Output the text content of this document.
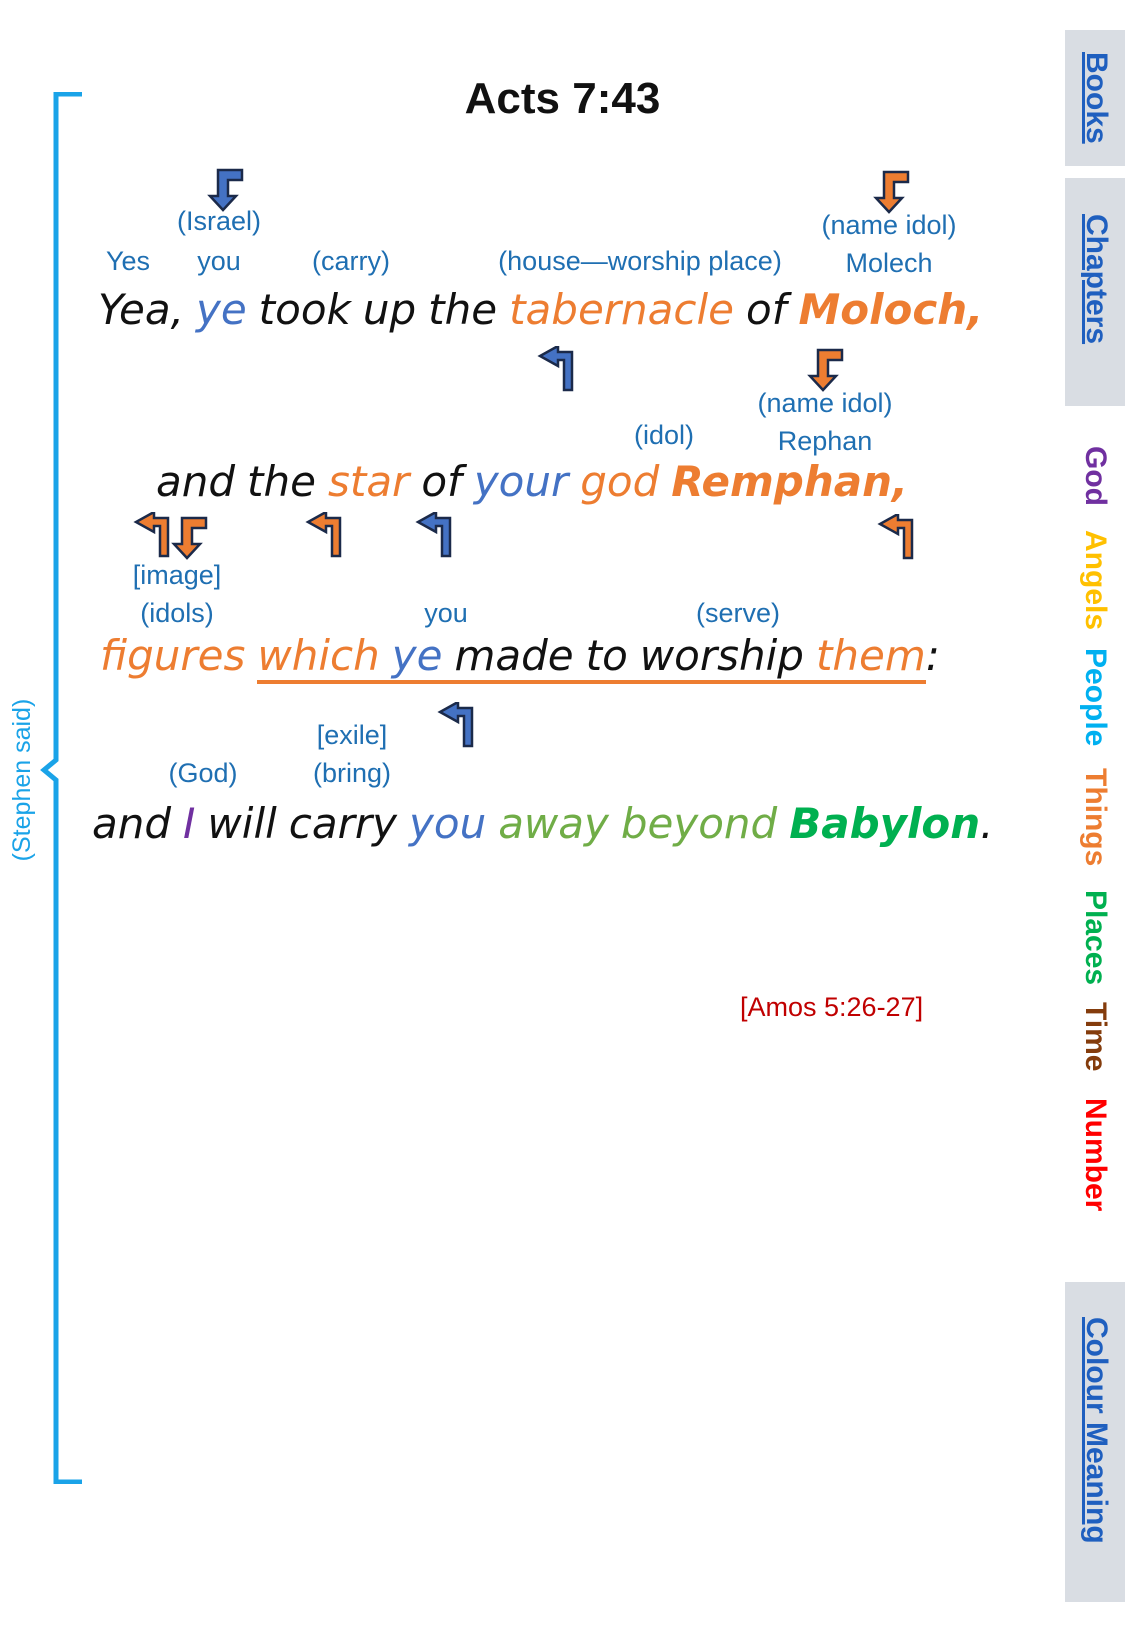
Acts 7:43
(Stephen said)
(Israel)	(name idol)
Yes you	(carry)	(house—worship place) Molech
Yea, ye took up the tabernacle of Moloch,
(name idol)
(idol)	Rephan
and the star of your god Remphan,
[image]
(idols)	you	(serve)
figures which ye made to worship them:
[exile]
(God)	(bring)
and I will carry you away beyond Babylon.
[Amos 5:26-27]
Books
Chapters
Colour Meaning
God
Angels
People
Things
Places
Time
Number
